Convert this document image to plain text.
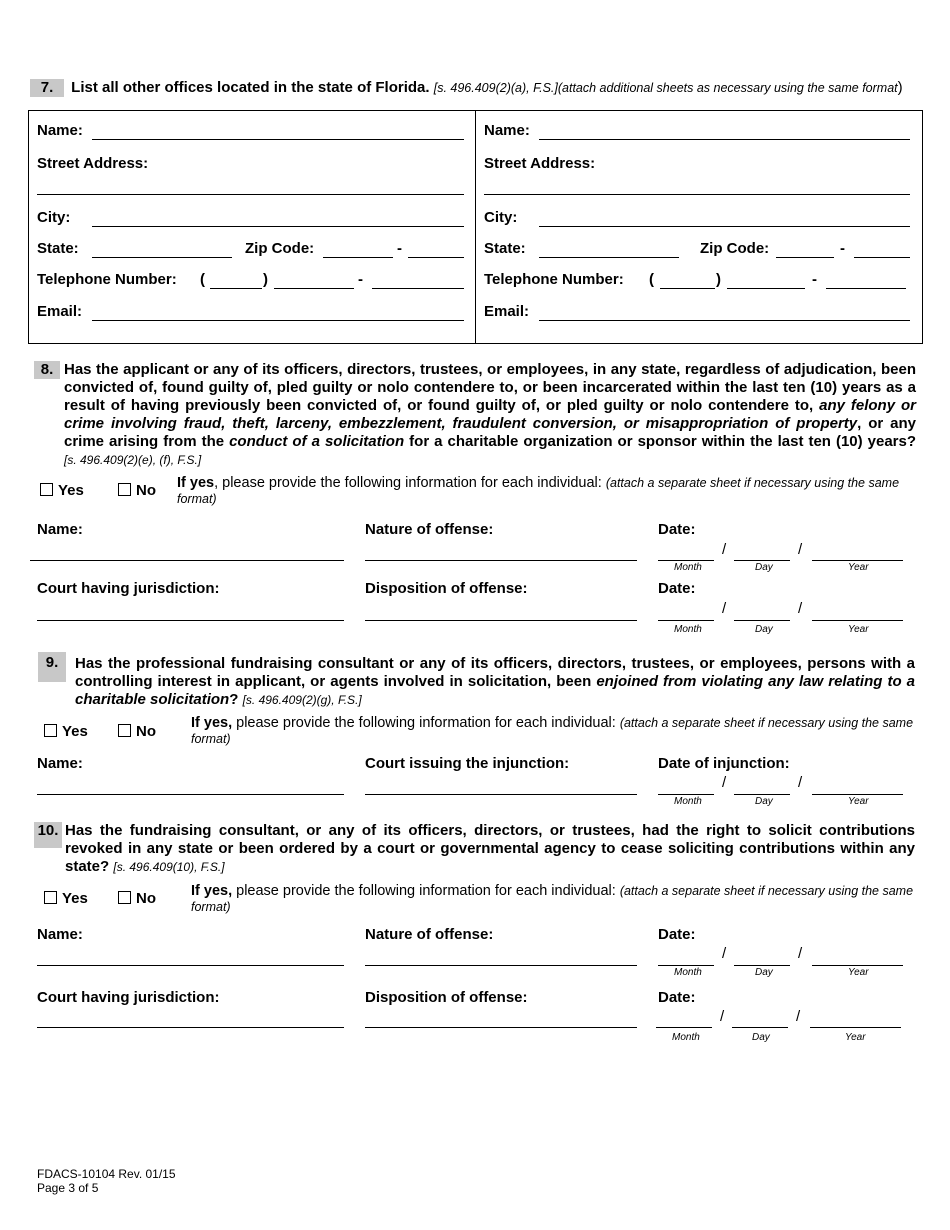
7. List all other offices located in the state of Florida. [s. 496.409(2)(a), F.S.](attach additional sheets as necessary using the same format)
Name:
Street Address:
City:
State:	Zip Code:	-
Telephone Number: (	)	-
Email:
Name:
Street Address:
City:
State:	Zip Code:	-
Telephone Number: (	)	-
Email:
8. Has the applicant or any of its officers, directors, trustees, or employees, in any state, regardless of adjudication, been convicted of, found guilty of, pled guilty or nolo contendere to, or been incarcerated within the last ten (10) years as a result of having previously been convicted of, or found guilty of, or pled guilty or nolo contendere to, any felony or crime involving fraud, theft, larceny, embezzlement, fraudulent conversion, or misappropriation of property, or any crime arising from the conduct of a solicitation for a charitable organization or sponsor within the last ten (10) years? [s. 496.409(2)(e), (f), F.S.]
Yes	No If yes, please provide the following information for each individual: (attach a separate sheet if necessary using the same format)
Name:	Nature of offense:	Date:
/	/
Month	Day	Year
Court having jurisdiction:	Disposition of offense:	Date:
/	/
Month	Day	Year
9.	Has the professional fundraising consultant or any of its officers, directors, trustees, or employees, persons with a controlling interest in applicant, or agents involved in solicitation, been enjoined from violating any law relating to a charitable solicitation? [s. 496.409(2)(g), F.S.]
Yes	No If yes, please provide the following information for each individual: (attach a separate sheet if necessary using the same format)
Name:	Court issuing the injunction:	Date of injunction:
/	/
Month	Day	Year
10. Has the fundraising consultant, or any of its officers, directors, or trustees, had the right to solicit contributions revoked in any state or been ordered by a court or governmental agency to cease soliciting contributions within any state? [s. 496.409(10), F.S.]
Yes	No If yes, please provide the following information for each individual: (attach a separate sheet if necessary using the same format)
Name:	Nature of offense:	Date:
/	/
Month	Day	Year
Court having jurisdiction:	Disposition of offense:	Date:
/	/
Month	Day	Year
FDACS-10104 Rev. 01/15
Page 3 of 5
